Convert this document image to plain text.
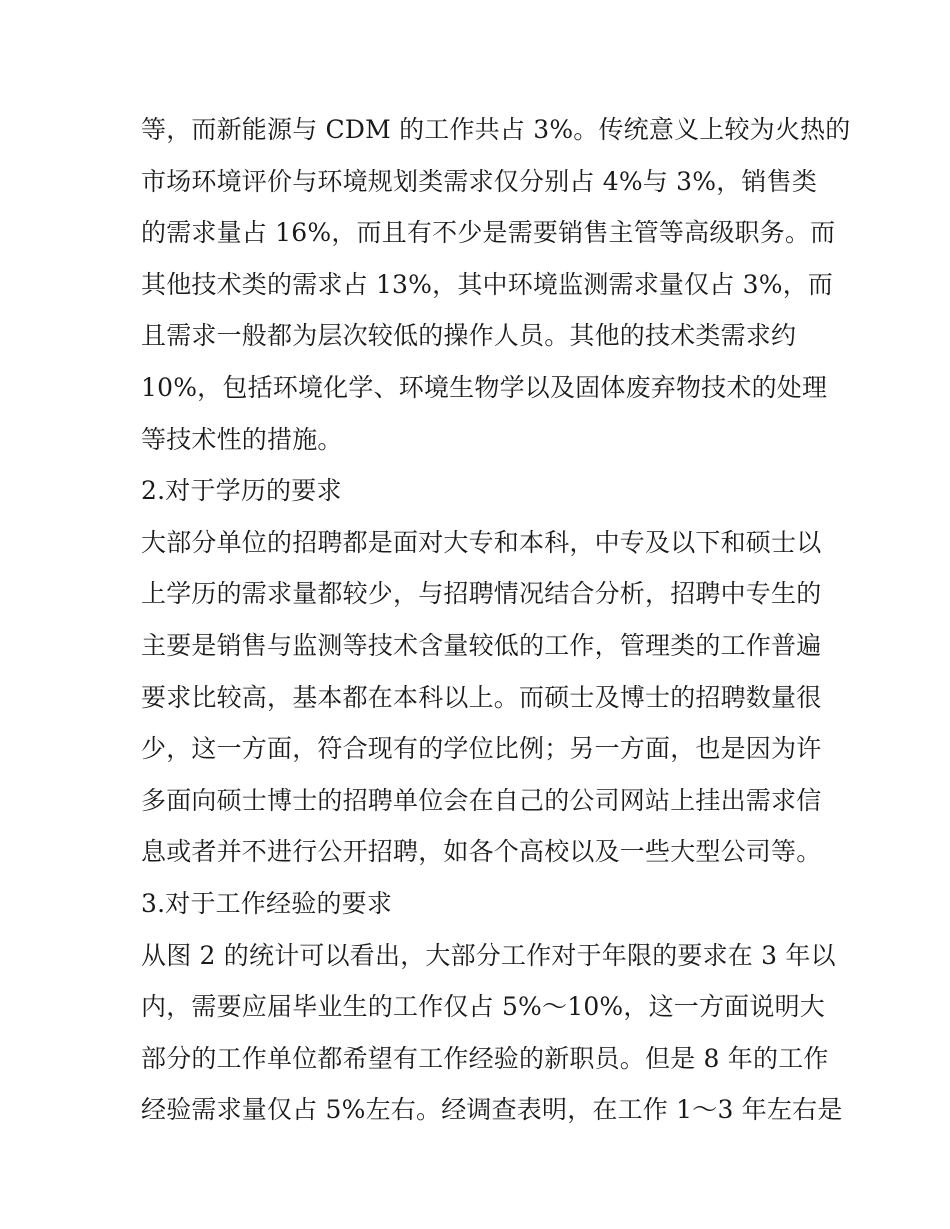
等，而新能源与 CDM 的工作共占 3%。传统意义上较为火热的
市场环境评价与环境规划类需求仅分别占 4%与 3%，销售类
的需求量占 16%，而且有不少是需要销售主管等高级职务。而
其他技术类的需求占 13%，其中环境监测需求量仅占 3%，而
且需求一般都为层次较低的操作人员。其他的技术类需求约
10%，包括环境化学、环境生物学以及固体废弃物技术的处理
等技术性的措施。
2.对于学历的要求
大部分单位的招聘都是面对大专和本科，中专及以下和硕士以
上学历的需求量都较少，与招聘情况结合分析，招聘中专生的
主要是销售与监测等技术含量较低的工作，管理类的工作普遍
要求比较高，基本都在本科以上。而硕士及博士的招聘数量很
少，这一方面，符合现有的学位比例；另一方面，也是因为许
多面向硕士博士的招聘单位会在自己的公司网站上挂出需求信
息或者并不进行公开招聘，如各个高校以及一些大型公司等。
3.对于工作经验的要求
从图 2 的统计可以看出，大部分工作对于年限的要求在 3 年以
内，需要应届毕业生的工作仅占 5%～10%，这一方面说明大
部分的工作单位都希望有工作经验的新职员。但是 8 年的工作
经验需求量仅占 5%左右。经调查表明，在工作 1～3 年左右是
